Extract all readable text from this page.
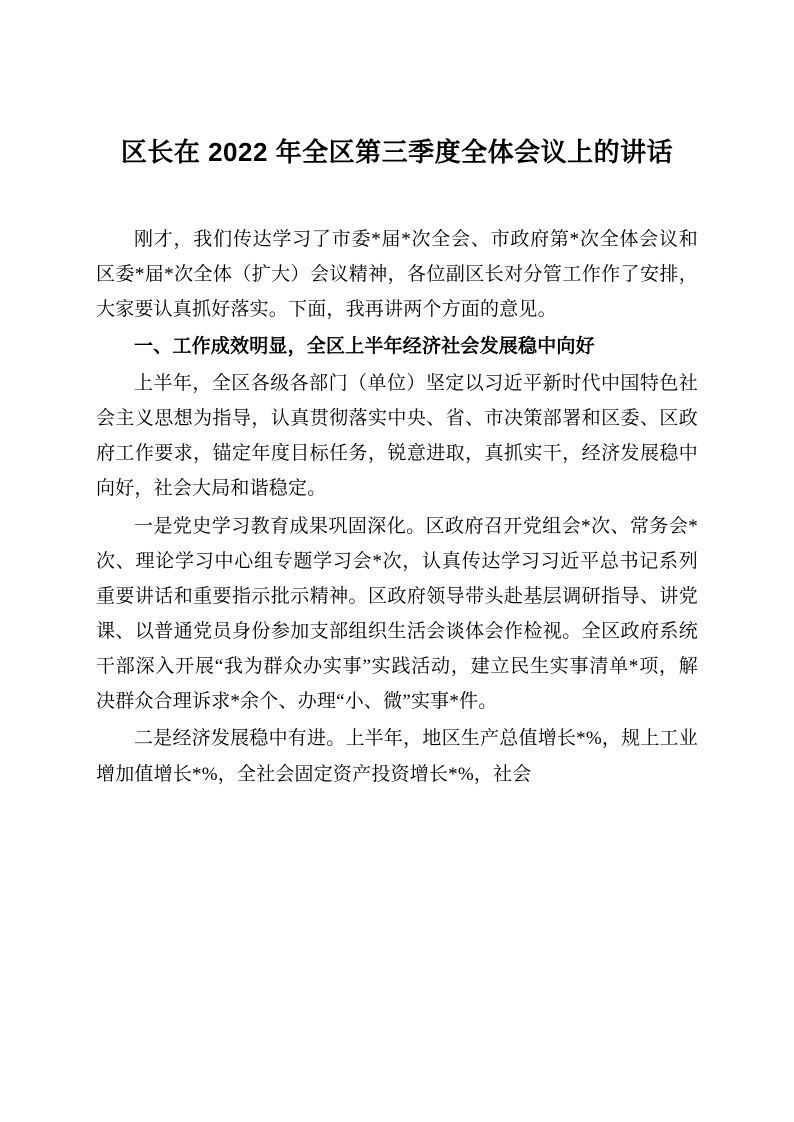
区长在 2022 年全区第三季度全体会议上的讲话

刚才，我们传达学习了市委*届*次全会、市政府第*次全体会议和区委*届*次全体（扩大）会议精神，各位副区长对分管工作作了安排，大家要认真抓好落实。下面，我再讲两个方面的意见。

一、工作成效明显，全区上半年经济社会发展稳中向好

上半年，全区各级各部门（单位）坚定以习近平新时代中国特色社会主义思想为指导，认真贯彻落实中央、省、市决策部署和区委、区政府工作要求，锚定年度目标任务，锐意进取，真抓实干，经济发展稳中向好，社会大局和谐稳定。

一是党史学习教育成果巩固深化。区政府召开党组会*次、常务会*次、理论学习中心组专题学习会*次，认真传达学习习近平总书记系列重要讲话和重要指示批示精神。区政府领导带头赴基层调研指导、讲党课、以普通党员身份参加支部组织生活会谈体会作检视。全区政府系统干部深入开展“我为群众办实事”实践活动，建立民生实事清单*项，解决群众合理诉求*余个、办理“小、微”实事*件。

二是经济发展稳中有进。上半年，地区生产总值增长*%，规上工业增加值增长*%，全社会固定资产投资增长*%，社会
